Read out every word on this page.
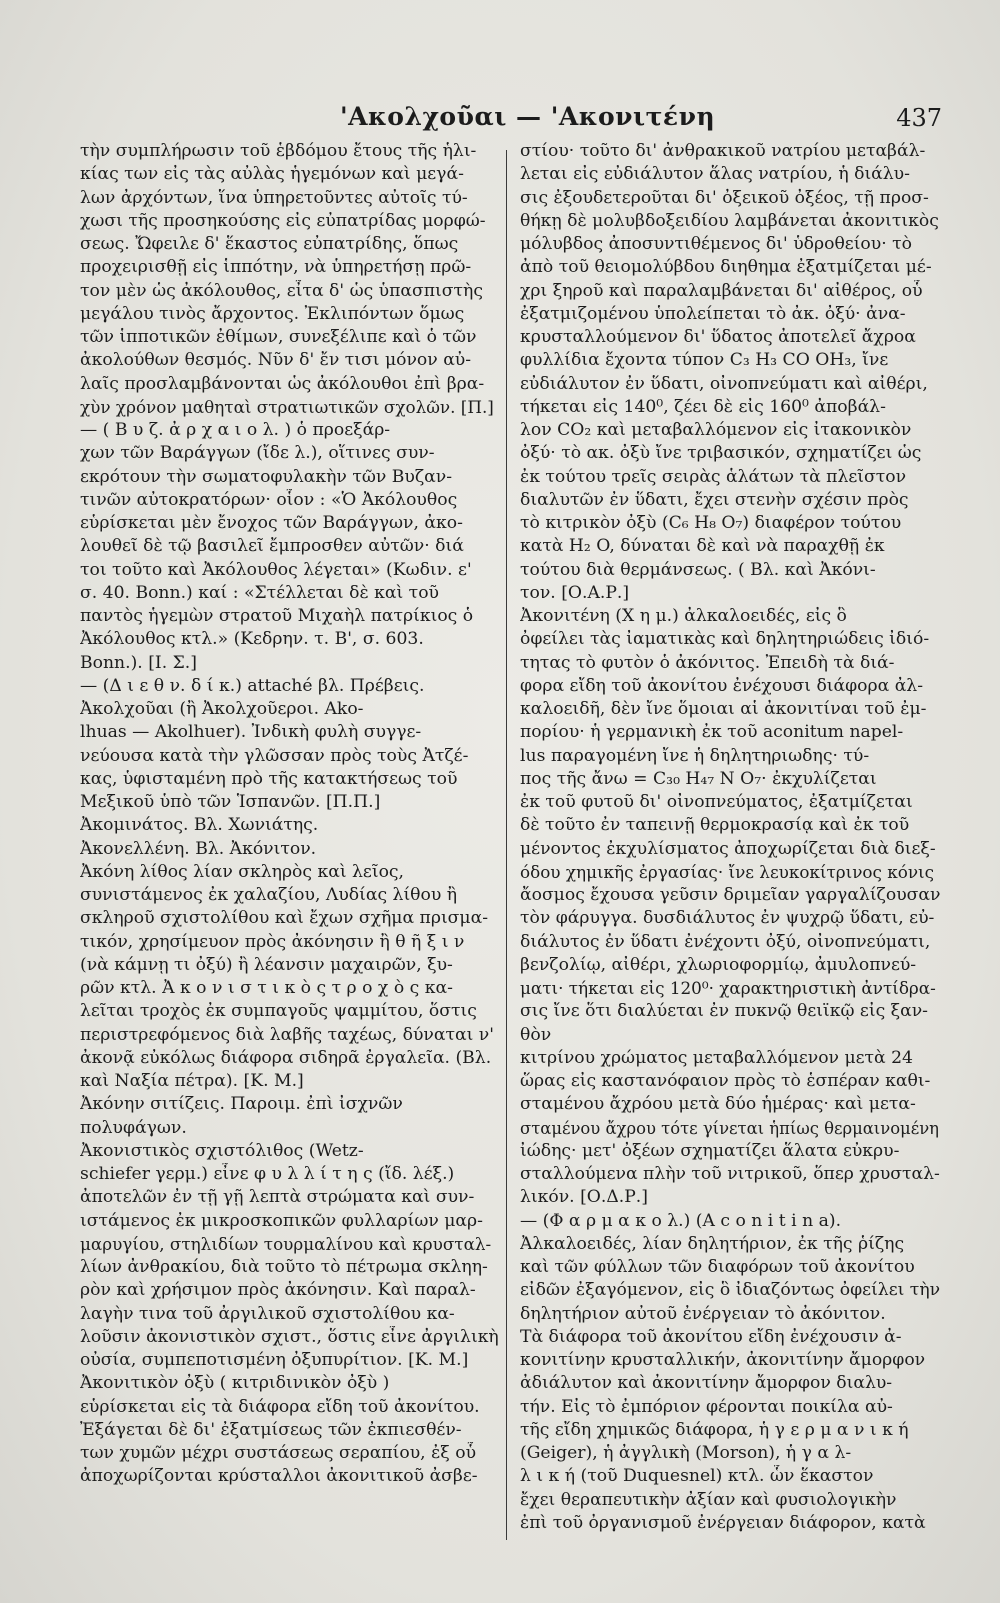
'Ακολχοῦαι — 'Ακονιτένη	437
τὴν συμπλήρωσιν τοῦ ἑβδόμου ἔτους τῆς ἡλι-
κίας των εἰς τὰς αὐλὰς ἡγεμόνων καὶ μεγά-
λων ἀρχόντων, ἵνα ὑπηρετοῦντες αὐτοῖς τύ-
χωσι τῆς προσηκούσης εἰς εὐπατρίδας μορφώ-
σεως. Ὤφειλε δ' ἕκαστος εὐπατρίδης, ὅπως
προχειρισθῇ εἰς ἱππότην, νὰ ὑπηρετήσῃ πρῶ-
τον μὲν ὡς ἀκόλουθος, εἶτα δ' ὡς ὑπασπιστὴς
μεγάλου τινὸς ἄρχοντος. Ἐκλιπόντων ὅμως
τῶν ἱπποτικῶν ἐθίμων, συνεξέλιπε καὶ ὁ τῶν
ἀκολούθων θεσμός. Νῦν δ' ἔν τισι μόνον αὐ-
λαῖς προσλαμβάνονται ὡς ἀκόλουθοι ἐπὶ βρα-
χὺν χρόνον μαθηταὶ στρατιωτικῶν σχολῶν. [Π.]
— ( Β υ ζ. ἀ ρ χ α ι ο λ. ) ὁ προεξάρ-
χων τῶν Βαράγγων (ἴδε λ.), οἵτινες συν-
εκρότουν τὴν σωματοφυλακὴν τῶν Βυζαν-
τινῶν αὐτοκρατόρων· οἷον : «Ὁ Ἀκόλουθος
εὑρίσκεται μὲν ἔνοχος τῶν Βαράγγων, ἀκο-
λουθεῖ δὲ τῷ βασιλεῖ ἔμπροσθεν αὐτῶν· διά
τοι τοῦτο καὶ Ἀκόλουθος λέγεται» (Κωδιν. ε'
σ. 40. Bonn.) καί : «Στέλλεται δὲ καὶ τοῦ
παντὸς ἡγεμὼν στρατοῦ Μιχαὴλ πατρίκιος ὁ
Ἀκόλουθος κτλ.» (Κεδρην. τ. Β', σ. 603.
Bonn.). [Ι. Σ.]
— (Δ ι ε θ ν. δ ί κ.) attaché βλ. Πρέβεις.
Ἀκολχοῦαι (ἢ Ἀκολχοῦεροι. Ako-
lhuas — Akolhuer). Ἰνδικὴ φυλὴ συγγε-
νεύουσα κατὰ τὴν γλῶσσαν πρὸς τοὺς Ἀτζέ-
κας, ὑφισταμένη πρὸ τῆς κατακτήσεως τοῦ
Μεξικοῦ ὑπὸ τῶν Ἱσπανῶν. [Π.Π.]
Ἀκομινάτος. Βλ. Χωνιάτης.
Ἀκονελλένη. Βλ. Ἀκόνιτον.
Ἀκόνη λίθος λίαν σκληρὸς καὶ λεῖος,
συνιστάμενος ἐκ χαλαζίου, Λυδίας λίθου ἢ
σκληροῦ σχιστολίθου καὶ ἔχων σχῆμα πρισμα-
τικόν, χρησίμευον πρὸς ἀκόνησιν ἢ θ ῆ ξ ι ν
(νὰ κάμνῃ τι ὀξύ) ἢ λέανσιν μαχαιρῶν, ξυ-
ρῶν κτλ. Ἀ κ ο ν ι σ τ ι κ ὸ ς τ ρ ο χ ὸ ς κα-
λεῖται τροχὸς ἐκ συμπαγοῦς ψαμμίτου, ὅστις
περιστρεφόμενος διὰ λαβῆς ταχέως, δύναται ν'
ἀκονᾷ εὐκόλως διάφορα σιδηρᾶ ἐργαλεῖα. (Βλ.
καὶ Ναξία πέτρα). [Κ. Μ.]
Ἀκόνην σιτίζεις. Παροιμ. ἐπὶ ἰσχνῶν
πολυφάγων.
Ἀκονιστικὸς σχιστόλιθος (Wetz-
schiefer γερμ.) εἶνε φ υ λ λ ί τ η ς (ἴδ. λέξ.)
ἀποτελῶν ἐν τῇ γῇ λεπτὰ στρώματα καὶ συν-
ιστάμενος ἐκ μικροσκοπικῶν φυλλαρίων μαρ-
μαρυγίου, στηλιδίων τουρμαλίνου καὶ κρυσταλ-
λίων ἀνθρακίου, διὰ τοῦτο τὸ πέτρωμα σκληη-
ρὸν καὶ χρήσιμον πρὸς ἀκόνησιν. Καὶ παραλ-
λαγὴν τινα τοῦ ἀργιλικοῦ σχιστολίθου κα-
λοῦσιν ἀκονιστικὸν σχιστ., ὅστις εἶνε ἀργιλικὴ
οὐσία, συμπεποτισμένη ὀξυπυρίτιον. [Κ. Μ.]
Ἀκονιτικὸν ὀξὺ ( κιτριδινικὸν ὀξὺ )
εὑρίσκεται εἰς τὰ διάφορα εἴδη τοῦ ἀκονίτου.
Ἐξάγεται δὲ δι' ἐξατμίσεως τῶν ἐκπιεσθέν-
των χυμῶν μέχρι συστάσεως σεραπίου, ἐξ οὗ
ἀποχωρίζονται κρύσταλλοι ἀκονιτικοῦ ἀσβε-
στίου· τοῦτο δι' ἀνθρακικοῦ νατρίου μεταβάλ-
λεται εἰς εὐδιάλυτον ἅλας νατρίου, ἡ διάλυ-
σις ἐξουδετεροῦται δι' ὀξεικοῦ ὀξέος, τῇ προσ-
θήκῃ δὲ μολυβδοξειδίου λαμβάνεται ἀκονιτικὸς
μόλυβδος ἀποσυντιθέμενος δι' ὑδροθείου· τὸ
ἀπὸ τοῦ θειομολύβδου διηθημα ἐξατμίζεται μέ-
χρι ξηροῦ καὶ παραλαμβάνεται δι' αἰθέρος, οὗ
ἐξατμιζομένου ὑπολείπεται τὸ ἀκ. ὀξύ· ἀνα-
κρυσταλλούμενον δι' ὕδατος ἀποτελεῖ ἄχροα
φυλλίδια ἔχοντα τύπον C₃ H₃ CO OH₃, ἴνε
εὐδιάλυτον ἐν ὕδατι, οἰνοπνεύματι καὶ αἰθέρι,
τήκεται εἰς 140⁰, ζέει δὲ εἰς 160⁰ ἀποβάλ-
λον CO₂ καὶ μεταβαλλόμενον εἰς ἰτακονικὸν
ὀξύ· τὸ ακ. ὀξὺ ἴνε τριβασικόν, σχηματίζει ὡς
ἐκ τούτου τρεῖς σειρὰς ἁλάτων τὰ πλεῖστον
διαλυτῶν ἐν ὕδατι, ἔχει στενὴν σχέσιν πρὸς
τὸ κιτρικὸν ὀξὺ (C₆ H₈ O₇) διαφέρον τούτου
κατὰ H₂ O, δύναται δὲ καὶ νὰ παραχθῇ ἐκ
τούτου διὰ θερμάνσεως. ( Βλ. καὶ Ἀκόνι-
τον. [Ο.Α.Ρ.]
Ἀκονιτένη (Χ η μ.) ἀλκαλοειδές, εἰς ὃ
ὀφείλει τὰς ἰαματικὰς καὶ δηλητηριώδεις ἰδιό-
τητας τὸ φυτὸν ὁ ἀκόνιτος. Ἐπειδὴ τὰ διά-
φορα εἴδη τοῦ ἀκονίτου ἐνέχουσι διάφορα ἀλ-
καλοειδῆ, δὲν ἴνε ὅμοιαι αἱ ἀκονιτίναι τοῦ ἐμ-
πορίου· ἡ γερμανικὴ ἐκ τοῦ aconitum napel-
lus παραγομένη ἴνε ἡ δηλητηριωδης· τύ-
πος τῆς ἄνω = C₃₀ H₄₇ N O₇· ἐκχυλίζεται
ἐκ τοῦ φυτοῦ δι' οἰνοπνεύματος, ἐξατμίζεται
δὲ τοῦτο ἐν ταπεινῇ θερμοκρασίᾳ καὶ ἐκ τοῦ
μένοντος ἐκχυλίσματος ἀποχωρίζεται διὰ διεξ-
όδου χημικῆς ἐργασίας· ἴνε λευκοκίτρινος κόνις
ἄοσμος ἔχουσα γεῦσιν δριμεῖαν γαργαλίζουσαν
τὸν φάρυγγα. δυσδιάλυτος ἐν ψυχρῷ ὕδατι, εὐ-
διάλυτος ἐν ὕδατι ἐνέχοντι ὀξύ, οἰνοπνεύματι,
βενζολίῳ, αἰθέρι, χλωριοφορμίῳ, ἀμυλοπνεύ-
ματι· τήκεται εἰς 120⁰· χαρακτηριστικὴ ἀντίδρα-
σις ἴνε ὅτι διαλύεται ἐν πυκνῷ θειϊκῷ εἰς ξαν-
θὸν
κιτρίνου χρώματος μεταβαλλόμενον μετὰ 24
ὥρας εἰς καστανόφαιον πρὸς τὸ ἑσπέραν καθι-
σταμένου ἄχρόου μετὰ δύο ἡμέρας· καὶ μετα-
σταμένου ἄχρου τότε γίνεται ἡπίως θερμαινομένη
ἰώδης· μετ' ὀξέων σχηματίζει ἅλατα εὐκρυ-
σταλλούμενα πλὴν τοῦ νιτρικοῦ, ὅπερ χρυσταλ-
λικόν. [Ο.Δ.Ρ.]
— (Φ α ρ μ α κ ο λ.) (A c o n i t i n a).
Ἀλκαλοειδές, λίαν δηλητήριον, ἐκ τῆς ῥίζης
καὶ τῶν φύλλων τῶν διαφόρων τοῦ ἀκονίτου
εἰδῶν ἐξαγόμενον, εἰς ὃ ἰδιαζόντως ὀφείλει τὴν
δηλητήριον αὐτοῦ ἐνέργειαν τὸ ἀκόνιτον.
Τὰ διάφορα τοῦ ἀκονίτου εἴδη ἐνέχουσιν ἀ-
κονιτίνην κρυσταλλικήν, ἀκονιτίνην ἄμορφον
ἀδιάλυτον καὶ ἀκονιτίνην ἄμορφον διαλυ-
τήν. Εἰς τὸ ἐμπόριον φέρονται ποικίλα αὐ-
τῆς εἴδη χημικῶς διάφορα, ἡ γ ε ρ μ α ν ι κ ή
(Geiger), ἡ ἀγγλικὴ (Morson), ἡ γ α λ-
λ ι κ ή (τοῦ Duquesnel) κτλ. ὧν ἕκαστον
ἔχει θεραπευτικὴν ἀξίαν καὶ φυσιολογικὴν
ἐπὶ τοῦ ὀργανισμοῦ ἐνέργειαν διάφορον, κατὰ
